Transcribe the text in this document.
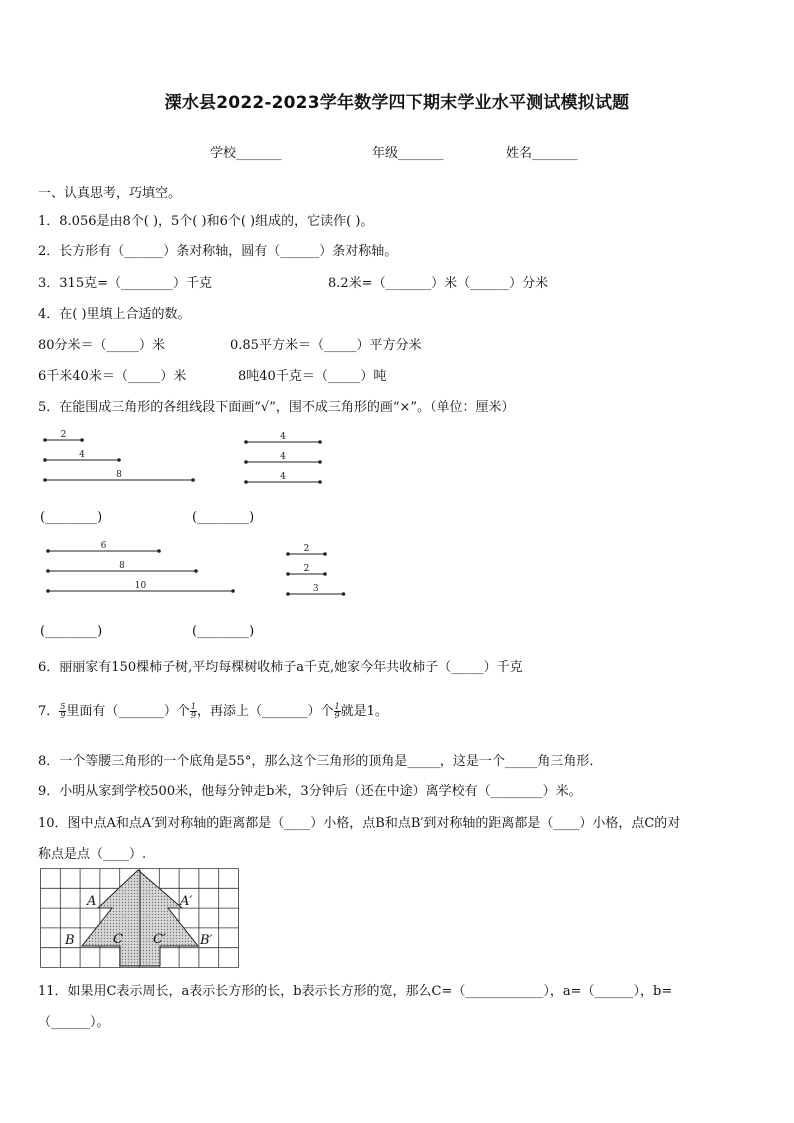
溧水县2022-2023学年数学四下期末学业水平测试模拟试题
学校_______	年级_______	姓名_______
一、认真思考，巧填空。
1．8.056是由8个( )，5个( )和6个( )组成的，它读作( )。
2．长方形有（______）条对称轴，圆有（______）条对称轴。
3．315克=（________）千克	8.2米=（_______）米（______）分米
4．在( )里填上合适的数。
80分米＝（_____）米	0.85平方米＝（_____）平方分米
6千米40米＝（_____）米	8吨40千克＝（_____）吨
5．在能围成三角形的各组线段下面画“√”，围不成三角形的画“×”。（单位：厘米）
2
4
8
4
4
4
6
8
10
2
2
3
(________)	(________)
(________)	(________)
6．丽丽家有150棵柿子树,平均每棵树收柿子a千克,她家今年共收柿子（_____）千克
7． $\frac{5}{9}$ 里面有（_______）个 $\frac{1}{9}$ ，再添上（_______）个 $\frac{1}{9}$ 就是1。
8．一个等腰三角形的一个底角是55°，那么这个三角形的顶角是_____，这是一个_____角三角形．
9．小明从家到学校500米，他每分钟走b米，3分钟后（还在中途）离学校有（________）米。
10．图中点A和点A′到对称轴的距离都是（____）小格，点B和点B′到对称轴的距离都是（____）小格，点C的对
称点是点（____）.
A	A′
B	B′
C C′
11．如果用C表示周长，a表示长方形的长，b表示长方形的宽，那么C=（____________），a=（______），b=
（______）。
